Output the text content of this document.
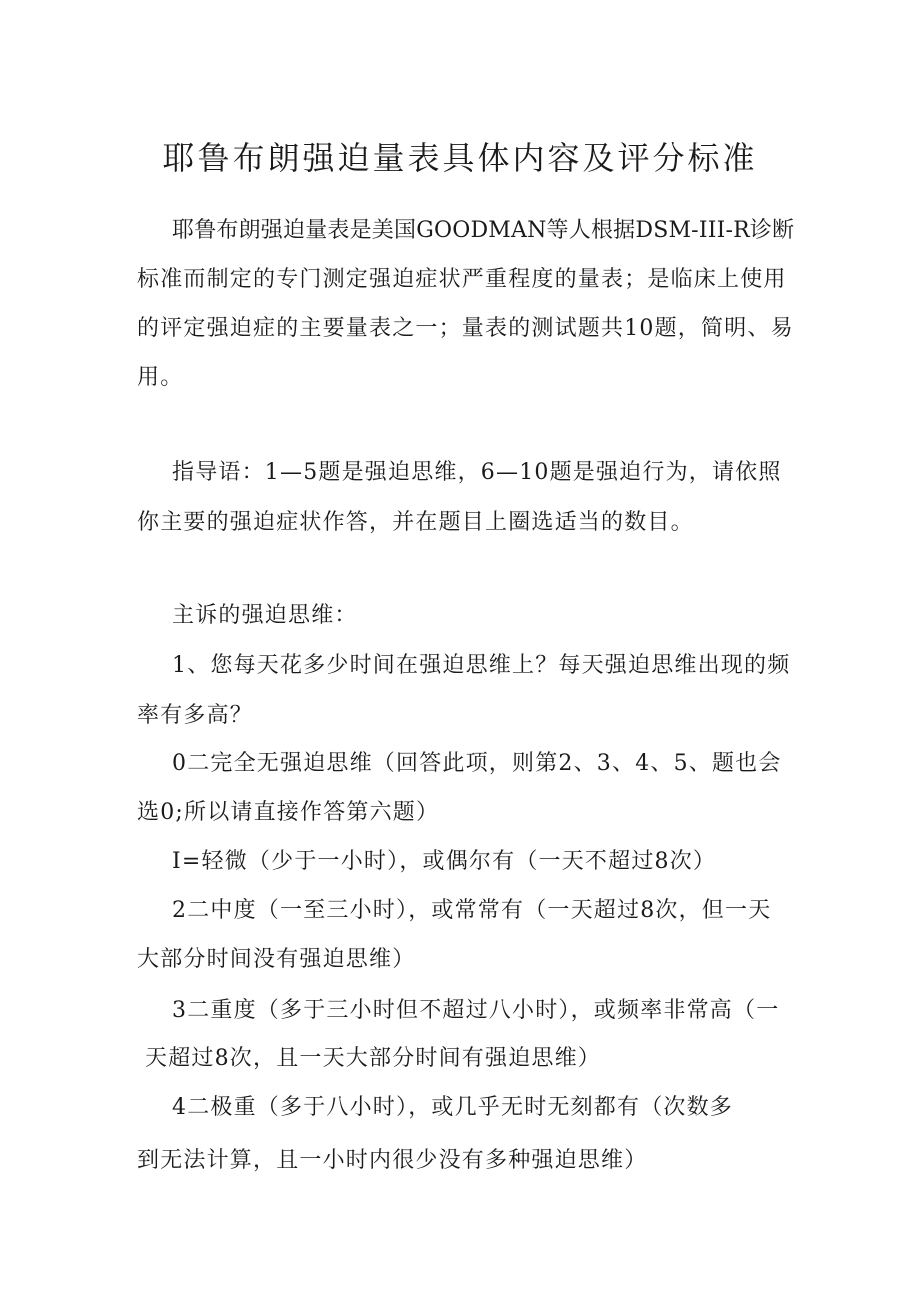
耶鲁布朗强迫量表具体内容及评分标准
耶鲁布朗强迫量表是美国GOODMAN等人根据DSM-III-R诊断
标准而制定的专门测定强迫症状严重程度的量表；是临床上使用
的评定强迫症的主要量表之一；量表的测试题共10题，简明、易
用。
指导语：1—5题是强迫思维，6—10题是强迫行为，请依照
你主要的强迫症状作答，并在题目上圈选适当的数目。
主诉的强迫思维：
1、您每天花多少时间在强迫思维上？每天强迫思维出现的频
率有多高？
0二完全无强迫思维（回答此项，则第2、3、4、5、题也会
选0;所以请直接作答第六题）
I=轻微（少于一小时），或偶尔有（一天不超过8次）
2二中度（一至三小时），或常常有（一天超过8次，但一天
大部分时间没有强迫思维）
3二重度（多于三小时但不超过八小时），或频率非常高（一
天超过8次，且一天大部分时间有强迫思维）
4二极重（多于八小时），或几乎无时无刻都有（次数多
到无法计算，且一小时内很少没有多种强迫思维）
